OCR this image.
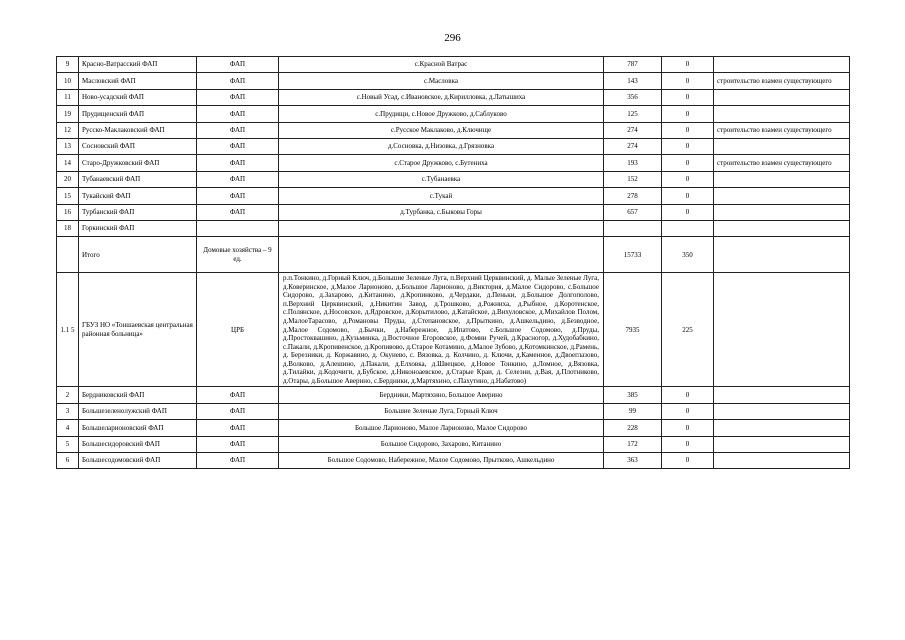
296
9	Красно-Ватрасский ФАП	ФАП	с.Красной Ватрас	787	0	
10	Масловский ФАП	ФАП	с.Масловка	143	0	строительство взамен существующего
11	Ново-усадский ФАП	ФАП	с.Новый Усад, с.Ивановское, д.Кирилловка, д.Латышиха	356	0	
19	Прудищенский ФАП	ФАП	с.Прудищи, с.Новое Дружково, д.Саблуково	125	0	
12	Русско-Маклаковский ФАП	ФАП	с.Русское Маклаково, д.Ключище	274	0	строительство взамен существующего
13	Сосновский ФАП	ФАП	д.Сосновка, д.Низовка, д.Грязновка	274	0	
14	Старо-Дружковский ФАП	ФАП	с.Старое Дружково, с.Бутениха	193	0	строительство взамен существующего
20	Тубанаевский ФАП	ФАП	с.Тубанаевка	152	0	
15	Тукайский ФАП	ФАП	с.Тукай	278	0	
16	Турбанский ФАП	ФАП	д.Турбанка, с.Быковы Горы	657	0	
18	Горкинский ФАП					
	Итого	Домовые хозяйства – 9 ед.		15733	350	
1.1 5	ГБУЗ НО «Тоншаевская центральная районная больница»	ЦРБ	р.п.Тонкино, д.Горный Ключ, д.Большие Зеленые Луга, п.Верхний Церквинский, д. Малые Зеленые Луга, д.Коверинское, д.Малое Ларионово, д.Большое Ларионово, д.Виктория, д.Малое Сидорово, с.Большое Сидорово, д.Захарово, д.Китанино, д.Кропинково, д.Чердаки, д.Пеньки, д.Большое Долгополово, п.Верхний Церквинский, д.Никитин Завод, д.Трошково, д.Рожниха, д.Рыбное, д.Коротенское, с.Полянское, д.Носовское, д.Ядровское, д.Корытилово, д.Катайское, д.Вихуловское, д.Михайлов Полом, д.МалоеТарасово, д.Романовы Пруды, д.Степановское, д.Прыткино, д.Ашкельдино, д.Безводное, д.Малое Содомово, д.Бычки, д.Набережное, д.Ипатово, с.Большое Содомово, д.Пруды, д.Простоквашино, д.Кузьминка, д.Восточное Егоровское, д.Фомин Ручей, д.Красногор, д.Худобабкино, с.Пакали, д.Кропивенское, д.Кропивово, д.Старое Котамино, д.Малое Зубово, д.Котомкинское, д.Рамень, д. Березники, д. Коржавино, д. Окунево, с. Вязовка, д. Колчино, д. Ключи, д.Каменное, д.Двоеглазово, д.Волково, д.Алешино, д.Пакали, д.Елховка, д.Швецкое, д.Новое Тонкино, д.Ломное, д.Вязовка, д.Тилайки, д.Кодочиги, д.Бубское, д.Никоноаевское, д.Старые Краи, д. Селезни, д.Вая, д.Плотниково, д.Отары, д.Большое Аверино, с.Бердники, д.Мартяхино, с.Пахутино, д.Набатово)	7935	225	
2	Бердниковский ФАП	ФАП	Бердники, Мартяхино, Большое Аверино	385	0	
3	Большезеленолужский ФАП	ФАП	Большие Зеленые Луга, Горный Ключ	99	0	
4	Большеларионовский ФАП	ФАП	Большое Ларионово, Малое Ларионово, Малое Сидорово	228	0	
5	Большесидоровский ФАП	ФАП	Большое Сидорово, Захарово, Китанино	172	0	
6	Большесодомовский ФАП	ФАП	Большое Содомово, Набережное, Малое Содомово, Прытково, Ашкельдино	363	0	
